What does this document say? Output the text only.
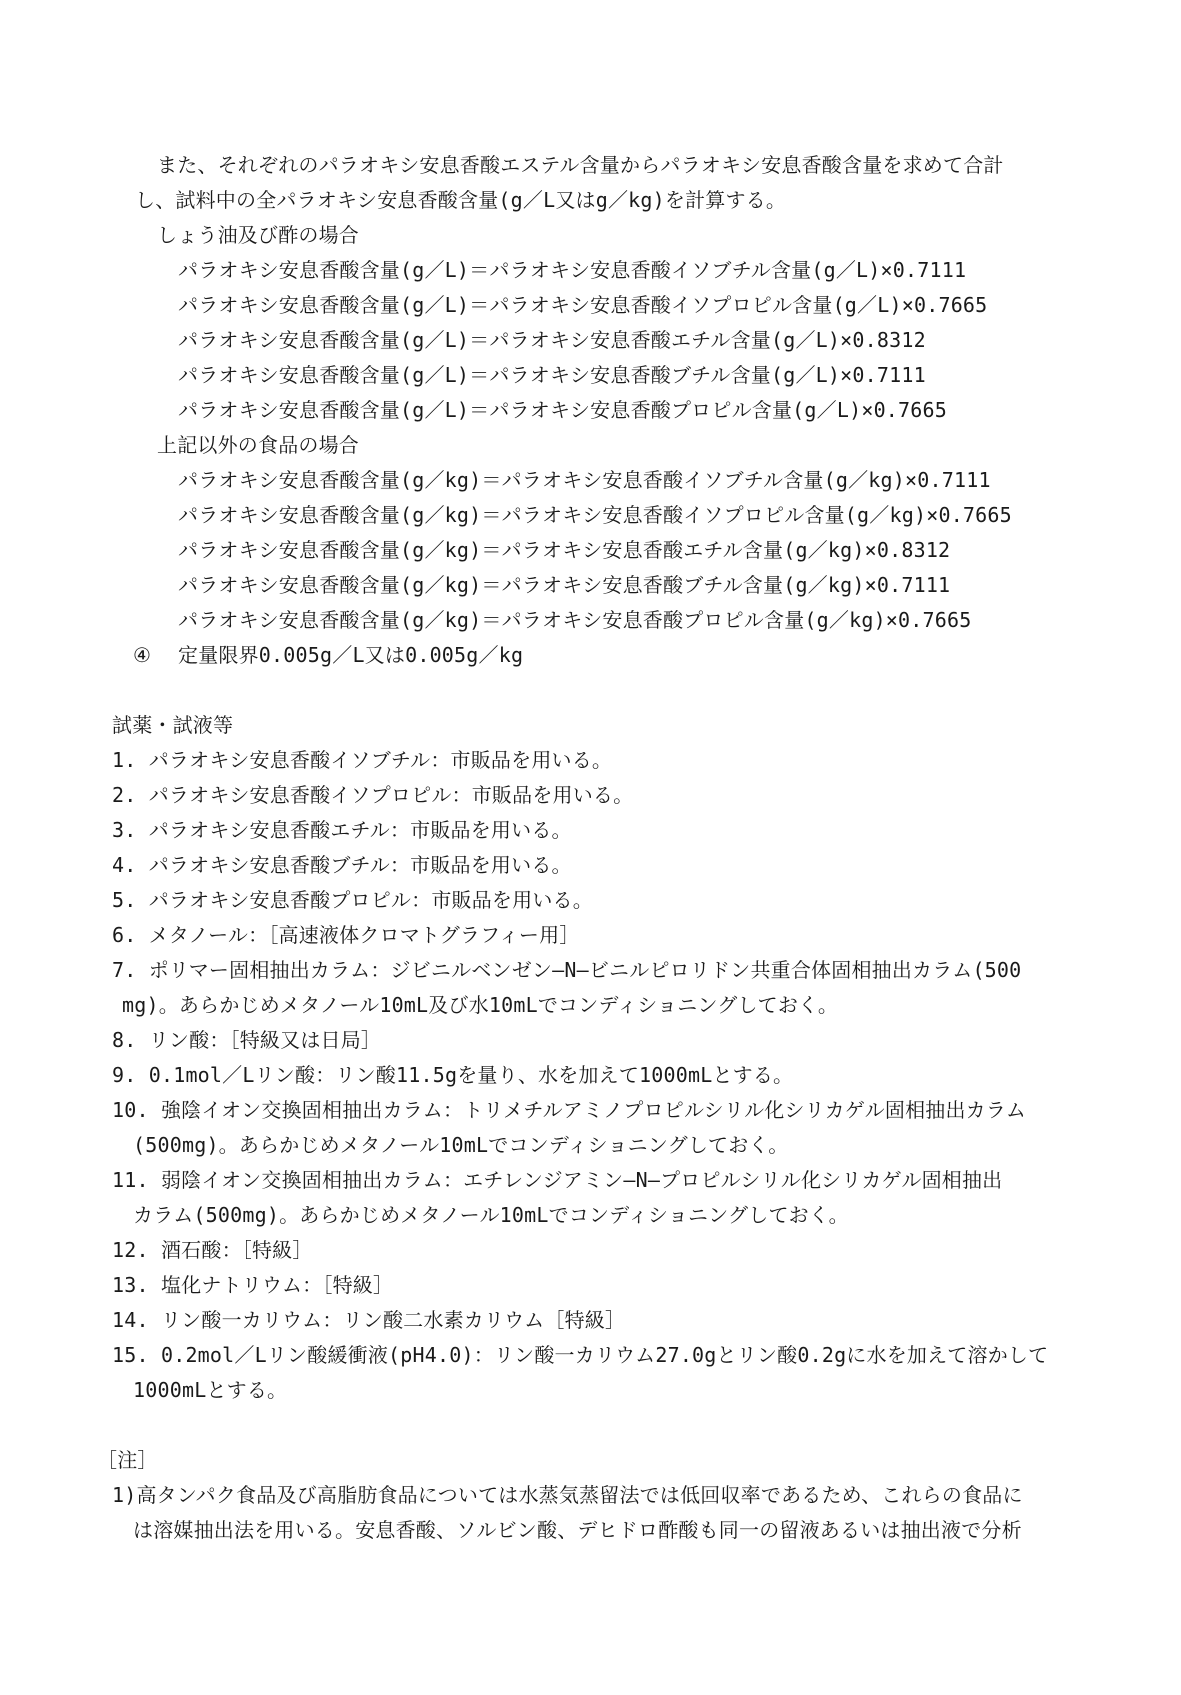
また、それぞれのパラオキシ安息香酸エステル含量からパラオキシ安息香酸含量を求めて合計
し、試料中の全パラオキシ安息香酸含量(g／L又はg／kg)を計算する。
しょう油及び酢の場合
パラオキシ安息香酸含量(g／L)＝パラオキシ安息香酸イソブチル含量(g／L)×0.7111
パラオキシ安息香酸含量(g／L)＝パラオキシ安息香酸イソプロピル含量(g／L)×0.7665
パラオキシ安息香酸含量(g／L)＝パラオキシ安息香酸エチル含量(g／L)×0.8312
パラオキシ安息香酸含量(g／L)＝パラオキシ安息香酸ブチル含量(g／L)×0.7111
パラオキシ安息香酸含量(g／L)＝パラオキシ安息香酸プロピル含量(g／L)×0.7665
上記以外の食品の場合
パラオキシ安息香酸含量(g／kg)＝パラオキシ安息香酸イソブチル含量(g／kg)×0.7111
パラオキシ安息香酸含量(g／kg)＝パラオキシ安息香酸イソプロピル含量(g／kg)×0.7665
パラオキシ安息香酸含量(g／kg)＝パラオキシ安息香酸エチル含量(g／kg)×0.8312
パラオキシ安息香酸含量(g／kg)＝パラオキシ安息香酸ブチル含量(g／kg)×0.7111
パラオキシ安息香酸含量(g／kg)＝パラオキシ安息香酸プロピル含量(g／kg)×0.7665
④ 定量限界0.005g／L又は0.005g／kg
試薬・試液等
1. パラオキシ安息香酸イソブチル：市販品を用いる。
2. パラオキシ安息香酸イソプロピル：市販品を用いる。
3. パラオキシ安息香酸エチル：市販品を用いる。
4. パラオキシ安息香酸ブチル：市販品を用いる。
5. パラオキシ安息香酸プロピル：市販品を用いる。
6. メタノール：［高速液体クロマトグラフィー用］
7. ポリマー固相抽出カラム：ジビニルベンゼン—N—ビニルピロリドン共重合体固相抽出カラム(500
mg)。あらかじめメタノール10mL及び水10mLでコンディショニングしておく。
8. リン酸：［特級又は日局］
9. 0.1mol／Lリン酸：リン酸11.5gを量り、水を加えて1000mLとする。
10. 強陰イオン交換固相抽出カラム：トリメチルアミノプロピルシリル化シリカゲル固相抽出カラム
(500mg)。あらかじめメタノール10mLでコンディショニングしておく。
11. 弱陰イオン交換固相抽出カラム：エチレンジアミン—N—プロピルシリル化シリカゲル固相抽出
カラム(500mg)。あらかじめメタノール10mLでコンディショニングしておく。
12. 酒石酸：［特級］
13. 塩化ナトリウム：［特級］
14. リン酸一カリウム：リン酸二水素カリウム［特級］
15. 0.2mol／Lリン酸緩衝液(pH4.0)：リン酸一カリウム27.0gとリン酸0.2gに水を加えて溶かして
1000mLとする。
［注］
1)高タンパク食品及び高脂肪食品については水蒸気蒸留法では低回収率であるため、これらの食品に
は溶媒抽出法を用いる。安息香酸、ソルビン酸、デヒドロ酢酸も同一の留液あるいは抽出液で分析
